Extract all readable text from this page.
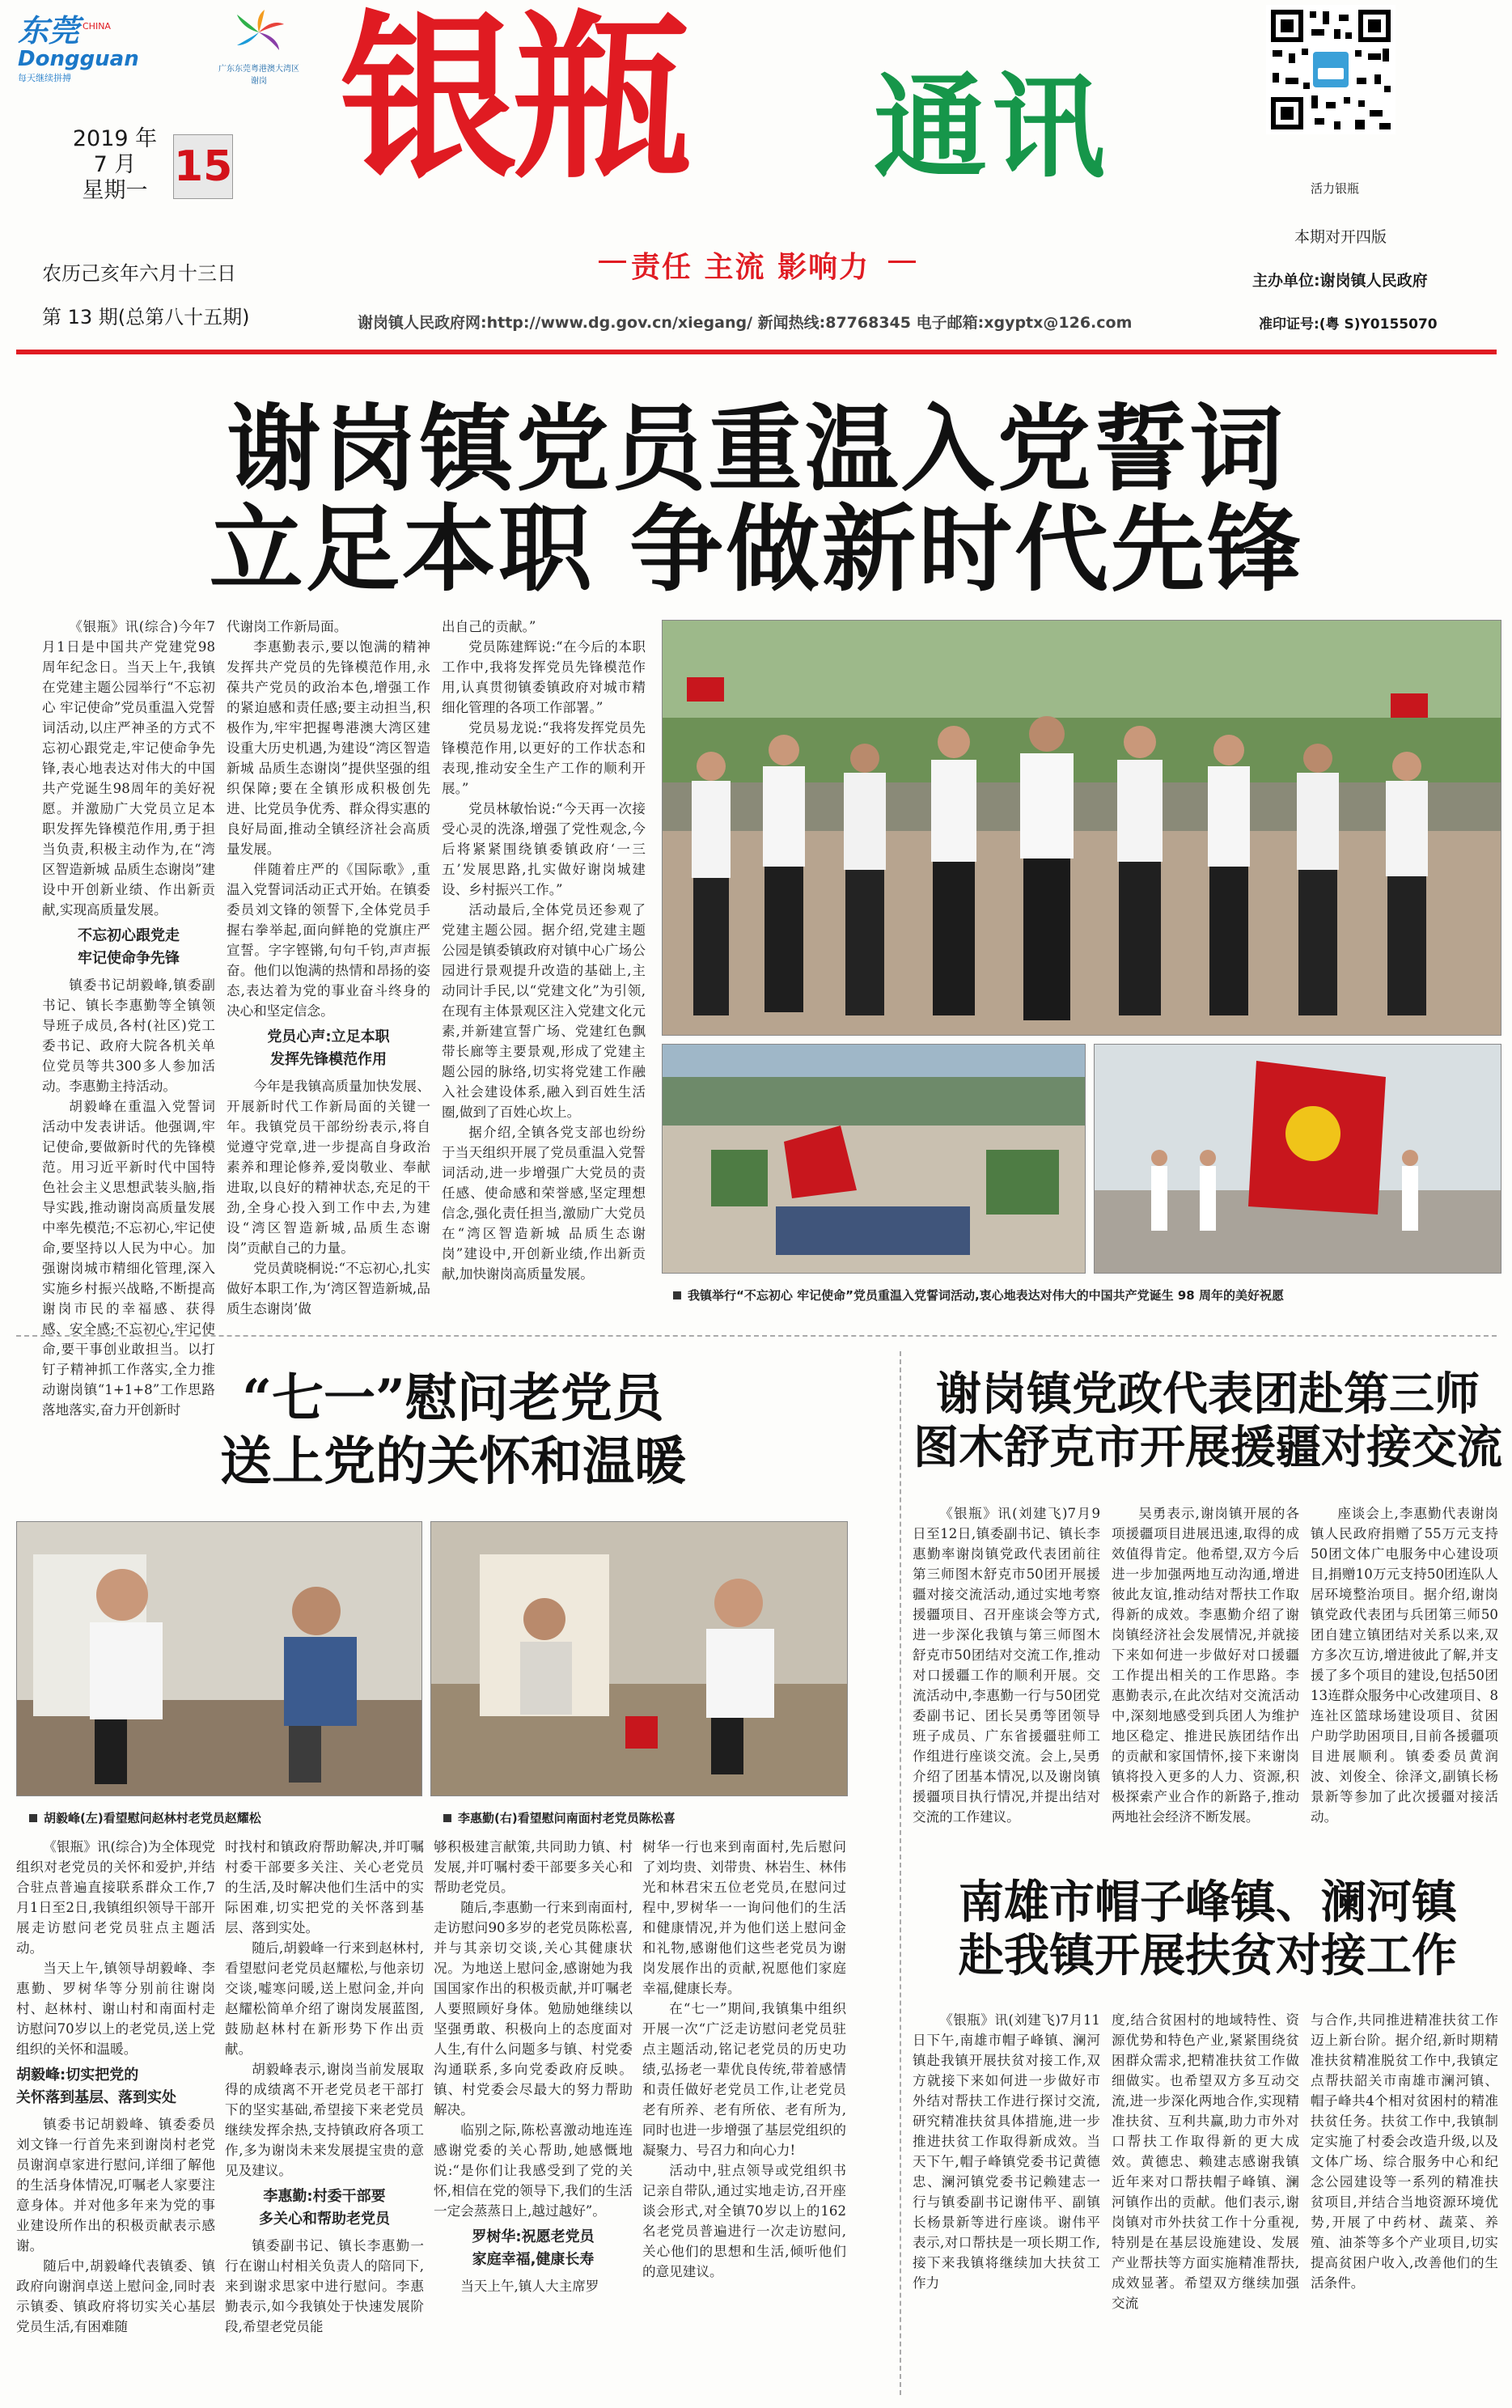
东莞 CHINA
Dongguan
每天继续拼搏
广东东莞粤港澳大湾区
谢岗 银瓶 通讯	活力银瓶
2019 年
7 月
星期一 15
农历己亥年六月十三日
第 13 期(总第八十五期)
责任 主流 影响力
谢岗镇人民政府网:http://www.dg.gov.cn/xiegang/ 新闻热线:87768345 电子邮箱:xgyptx@126.com
本期对开四版
主办单位:谢岗镇人民政府
准印证号:(粤 S)Y0155070
谢岗镇党员重温入党誓词
立足本职 争做新时代先锋

《银瓶》讯(综合)今年7月1日是中国共产党建党98周年纪念日。当天上午,我镇在党建主题公园举行“不忘初心 牢记使命”党员重温入党誓词活动,以庄严神圣的方式不忘初心跟党走,牢记使命争先锋,表心地表达对伟大的中国共产党诞生98周年的美好祝愿。并激励广大党员立足本职发挥先锋模范作用,勇于担当负责,积极主动作为,在“湾区智造新城 品质生态谢岗”建设中开创新业绩、作出新贡献,实现高质量发展。

不忘初心跟党走
牢记使命争先锋

镇委书记胡毅峰,镇委副书记、镇长李惠勤等全镇领导班子成员,各村(社区)党工委书记、政府大院各机关单位党员等共300多人参加活动。李惠勤主持活动。

胡毅峰在重温入党誓词活动中发表讲话。他强调,牢记使命,要做新时代的先锋模范。用习近平新时代中国特色社会主义思想武装头脑,指导实践,推动谢岗高质量发展中率先模范;不忘初心,牢记使命,要坚持以人民为中心。加强谢岗城市精细化管理,深入实施乡村振兴战略,不断提高谢岗市民的幸福感、获得感、安全感;不忘初心,牢记使命,要干事创业敢担当。以打钉子精神抓工作落实,全力推动谢岗镇“1+1+8”工作思路落地落实,奋力开创新时

代谢岗工作新局面。

李惠勤表示,要以饱满的精神发挥共产党员的先锋模范作用,永葆共产党员的政治本色,增强工作的紧迫感和责任感;要主动担当,积极作为,牢牢把握粤港澳大湾区建设重大历史机遇,为建设“湾区智造新城 品质生态谢岗”提供坚强的组织保障;要在全镇形成积极创先进、比党员争优秀、群众得实惠的良好局面,推动全镇经济社会高质量发展。

伴随着庄严的《国际歌》,重温入党誓词活动正式开始。在镇委委员刘文锋的领誓下,全体党员手握右拳举起,面向鲜艳的党旗庄严宣誓。字字铿锵,句句千钧,声声振奋。他们以饱满的热情和昂扬的姿态,表达着为党的事业奋斗终身的决心和坚定信念。

党员心声:立足本职
发挥先锋模范作用

今年是我镇高质量加快发展、开展新时代工作新局面的关键一年。我镇党员干部纷纷表示,将自觉遵守党章,进一步提高自身政治素养和理论修养,爱岗敬业、奉献进取,以良好的精神状态,充足的干劲,全身心投入到工作中去,为建设“湾区智造新城,品质生态谢岗”贡献自己的力量。

党员黄晓桐说:“不忘初心,扎实做好本职工作,为‘湾区智造新城,品质生态谢岗’做

出自己的贡献。”

党员陈建辉说:“在今后的本职工作中,我将发挥党员先锋模范作用,认真贯彻镇委镇政府对城市精细化管理的各项工作部署。”

党员易龙说:“我将发挥党员先锋模范作用,以更好的工作状态和表现,推动安全生产工作的顺利开展。”

党员林敏怡说:“今天再一次接受心灵的洗涤,增强了党性观念,今后将紧紧围绕镇委镇政府‘一三五’发展思路,扎实做好谢岗城建设、乡村振兴工作。”

活动最后,全体党员还参观了党建主题公园。据介绍,党建主题公园是镇委镇政府对镇中心广场公园进行景观提升改造的基础上,主动同计手民,以“党建文化”为引领,在现有主体景观区注入党建文化元素,并新建宣誓广场、党建红色飘带长廊等主要景观,形成了党建主题公园的脉络,切实将党建工作融入社会建设体系,融入到百姓生活圈,做到了百姓心坎上。

据介绍,全镇各党支部也纷纷于当天组织开展了党员重温入党誓词活动,进一步增强广大党员的责任感、使命感和荣誉感,坚定理想信念,强化责任担当,激励广大党员在“湾区智造新城 品质生态谢岗”建设中,开创新业绩,作出新贡献,加快谢岗高质量发展。

我镇举行“不忘初心 牢记使命”党员重温入党誓词活动,衷心地表达对伟大的中国共产党诞生 98 周年的美好祝愿
“七一”慰问老党员
送上党的关怀和温暖
胡毅峰(左)看望慰问赵林村老党员赵耀松	李惠勤(右)看望慰问南面村老党员陈松喜

《银瓶》讯(综合)为全体现党组织对老党员的关怀和爱护,并结合驻点普遍直接联系群众工作,7月1日至2日,我镇组织领导干部开展走访慰问老党员驻点主题活动。

当天上午,镇领导胡毅峰、李惠勤、罗树华等分别前往谢岗村、赵林村、谢山村和南面村走访慰问70岁以上的老党员,送上党组织的关怀和温暖。

胡毅峰:切实把党的
关怀落到基层、落到实处

镇委书记胡毅峰、镇委委员刘文锋一行首先来到谢岗村老党员谢润卓家进行慰问,详细了解他的生活身体情况,叮嘱老人家要注意身体。并对他多年来为党的事业建设所作出的积极贡献表示感谢。

随后中,胡毅峰代表镇委、镇政府向谢润卓送上慰问金,同时表示镇委、镇政府将切实关心基层党员生活,有困难随

时找村和镇政府帮助解决,并叮嘱村委干部要多关注、关心老党员的生活,及时解决他们生活中的实际困难,切实把党的关怀落到基层、落到实处。

随后,胡毅峰一行来到赵林村,看望慰问老党员赵耀松,与他亲切交谈,嘘寒问暖,送上慰问金,并向赵耀松简单介绍了谢岗发展蓝图,鼓励赵林村在新形势下作出贡献。

胡毅峰表示,谢岗当前发展取得的成绩离不开老党员老干部打下的坚实基础,希望接下来老党员继续发挥余热,支持镇政府各项工作,多为谢岗未来发展提宝贵的意见及建议。

李惠勤:村委干部要
多关心和帮助老党员

镇委副书记、镇长李惠勤一行在谢山村相关负责人的陪同下,来到谢求思家中进行慰问。李惠勤表示,如今我镇处于快速发展阶段,希望老党员能

够积极建言献策,共同助力镇、村发展,并叮嘱村委干部要多关心和帮助老党员。

随后,李惠勤一行来到南面村,走访慰问90多岁的老党员陈松喜,并与其亲切交谈,关心其健康状况。为地送上慰问金,感谢她为我国国家作出的积极贡献,并叮嘱老人要照顾好身体。勉励她继续以坚强勇敢、积极向上的态度面对人生,有什么问题多与镇、村党委沟通联系,多向党委政府反映。镇、村党委会尽最大的努力帮助解决。

临别之际,陈松喜激动地连连感谢党委的关心帮助,她感慨地说:“是你们让我感受到了党的关怀,相信在党的领导下,我们的生活一定会蒸蒸日上,越过越好”。

罗树华:祝愿老党员
家庭幸福,健康长寿

当天上午,镇人大主席罗

树华一行也来到南面村,先后慰问了刘均贵、刘带贵、林岩生、林伟光和林君宋五位老党员,在慰问过程中,罗树华一一询问他们的生活和健康情况,并为他们送上慰问金和礼物,感谢他们这些老党员为谢岗发展作出的贡献,祝愿他们家庭幸福,健康长寿。

在“七一”期间,我镇集中组织开展一次“广泛走访慰问老党员驻点主题活动,铭记老党员的历史功绩,弘扬老一辈优良传统,带着感情和责任做好老党员工作,让老党员老有所养、老有所依、老有所为,同时也进一步增强了基层党组织的凝聚力、号召力和向心力!

活动中,驻点领导或党组织书记亲自带队,通过实地走访,召开座谈会形式,对全镇70岁以上的162名老党员普遍进行一次走访慰问,关心他们的思想和生活,倾听他们的意见建议。

谢岗镇党政代表团赴第三师
图木舒克市开展援疆对接交流

《银瓶》讯(刘建飞)7月9日至12日,镇委副书记、镇长李惠勤率谢岗镇党政代表团前往第三师图木舒克市50团开展援疆对接交流活动,通过实地考察援疆项目、召开座谈会等方式,进一步深化我镇与第三师图木舒克市50团结对交流工作,推动对口援疆工作的顺利开展。交流活动中,李惠勤一行与50团党委副书记、团长吴勇等团领导班子成员、广东省援疆驻师工作组进行座谈交流。会上,吴勇介绍了团基本情况,以及谢岗镇援疆项目执行情况,并提出结对交流的工作建议。

吴勇表示,谢岗镇开展的各项援疆项目进展迅速,取得的成效值得肯定。他希望,双方今后进一步加强两地互动沟通,增进彼此友谊,推动结对帮扶工作取得新的成效。李惠勤介绍了谢岗镇经济社会发展情况,并就接下来如何进一步做好对口援疆工作提出相关的工作思路。李惠勤表示,在此次结对交流活动中,深刻地感受到兵团人为维护地区稳定、推进民族团结作出的贡献和家国情怀,接下来谢岗镇将投入更多的人力、资源,积极探索产业合作的新路子,推动两地社会经济不断发展。

座谈会上,李惠勤代表谢岗镇人民政府捐赠了55万元支持50团文体广电服务中心建设项目,捐赠10万元支持50团连队人居环境整治项目。据介绍,谢岗镇党政代表团与兵团第三师50团自建立镇团结对关系以来,双方多次互访,增进彼此了解,并支援了多个项目的建设,包括50团13连群众服务中心改建项目、8连社区篮球场建设项目、贫困户助学助困项目,目前各援疆项目进展顺利。镇委委员黄润波、刘俊全、徐泽文,副镇长杨景新等参加了此次援疆对接活动。

南雄市帽子峰镇、澜河镇
赴我镇开展扶贫对接工作

《银瓶》讯(刘建飞)7月11日下午,南雄市帽子峰镇、澜河镇赴我镇开展扶贫对接工作,双方就接下来如何进一步做好市外结对帮扶工作进行探讨交流,研究精准扶贫具体措施,进一步推进扶贫工作取得新成效。当天下午,帽子峰镇党委书记黄德忠、澜河镇党委书记赖建志一行与镇委副书记谢伟平、副镇长杨景新等进行座谈。谢伟平表示,对口帮扶是一项长期工作,接下来我镇将继续加大扶贫工作力

度,结合贫困村的地域特性、资源优势和特色产业,紧紧围绕贫困群众需求,把精准扶贫工作做细做实。也希望双方多互动交流,进一步深化两地合作,实现精准扶贫、互利共赢,助力市外对口帮扶工作取得新的更大成效。黄德忠、赖建志感谢我镇近年来对口帮扶帽子峰镇、澜河镇作出的贡献。他们表示,谢岗镇对市外扶贫工作十分重视,特别是在基层设施建设、发展产业帮扶等方面实施精准帮扶,成效显著。希望双方继续加强交流

与合作,共同推进精准扶贫工作迈上新台阶。据介绍,新时期精准扶贫精准脱贫工作中,我镇定点帮扶韶关市南雄市澜河镇、帽子峰共4个相对贫困村的精准扶贫任务。扶贫工作中,我镇制定实施了村委会改造升级,以及文体广场、综合服务中心和纪念公园建设等一系列的精准扶贫项目,并结合当地资源环境优势,开展了中药材、蔬菜、养殖、油茶等多个产业项目,切实提高贫困户收入,改善他们的生活条件。
